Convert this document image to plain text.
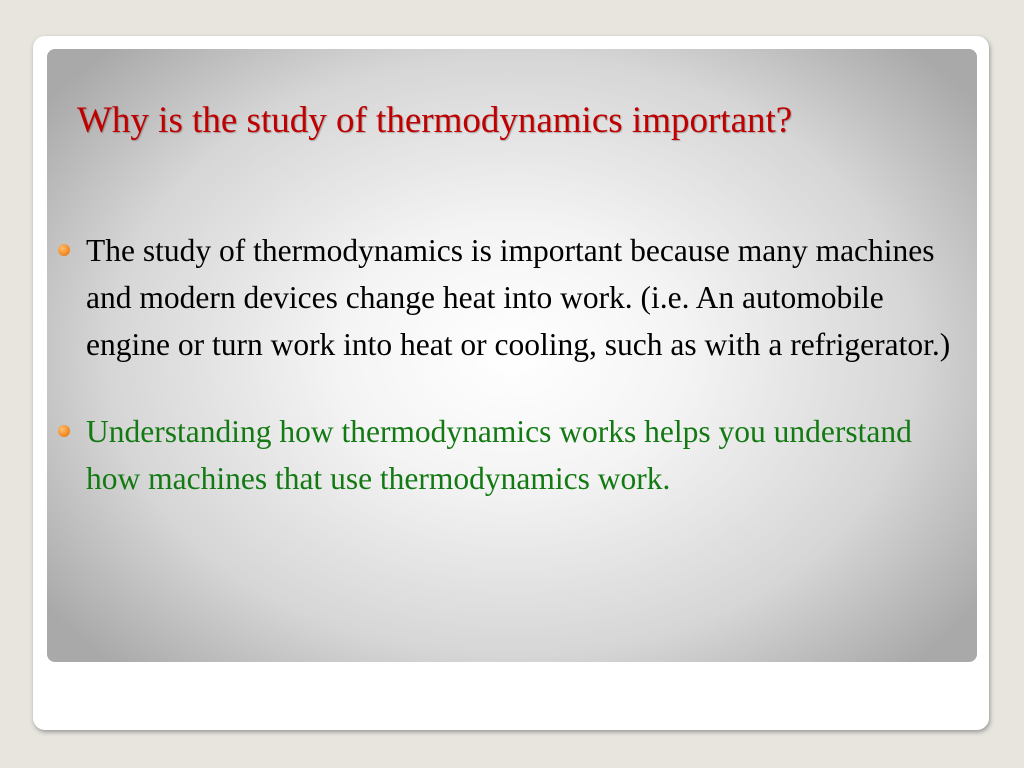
Why is the study of thermodynamics important?
The study of thermodynamics is important because many machines and modern devices change heat into work. (i.e. An automobile engine or turn work into heat or cooling, such as with a refrigerator.)
Understanding how thermodynamics works helps you understand how machines that use thermodynamics work.
